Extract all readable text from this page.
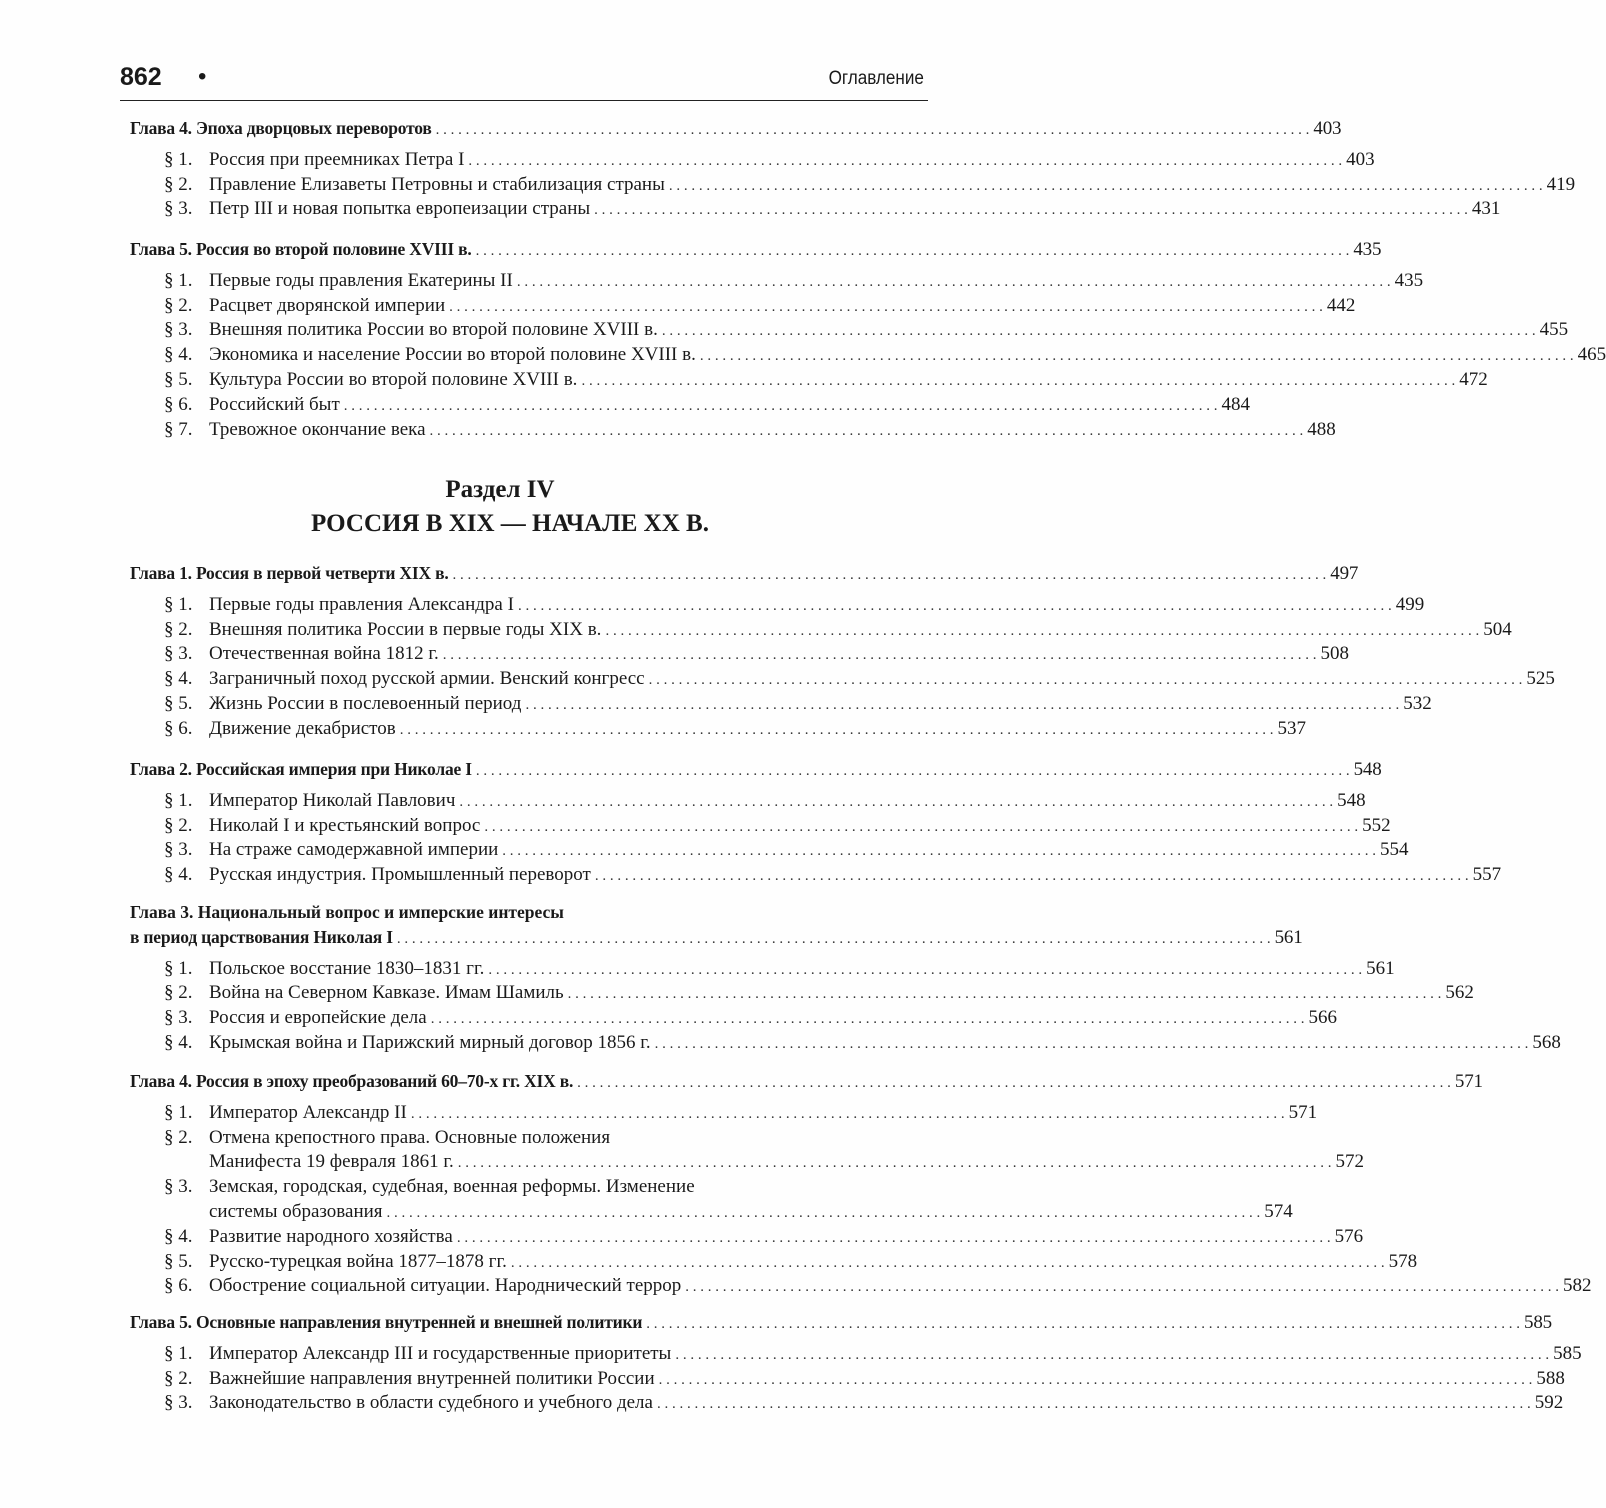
862 •	Оглавление
Глава 4. Эпоха дворцовых переворотов . . .	403
§ 1. Россия при преемниках Петра I . . .	403
§ 2. Правление Елизаветы Петровны и стабилизация страны . . .	419
§ 3. Петр III и новая попытка европеизации страны . . .	431
Глава 5. Россия во второй половине XVIII в. . . .	435
§ 1. Первые годы правления Екатерины II . . .	435
§ 2. Расцвет дворянской империи . . .	442
§ 3. Внешняя политика России во второй половине XVIII в. . . .	455
§ 4. Экономика и население России во второй половине XVIII в. . . .	465
§ 5. Культура России во второй половине XVIII в. . . .	472
§ 6. Российский быт . . .	484
§ 7. Тревожное окончание века . . .	488
Раздел IV
РОССИЯ В XIX — НАЧАЛЕ XX В.
Глава 1. Россия в первой четверти XIX в. . . .	497
§ 1. Первые годы правления Александра I . . .	499
§ 2. Внешняя политика России в первые годы XIX в. . . .	504
§ 3. Отечественная война 1812 г. . . .	508
§ 4. Заграничный поход русской армии. Венский конгресс . . .	525
§ 5. Жизнь России в послевоенный период . . .	532
§ 6. Движение декабристов . . .	537
Глава 2. Российская империя при Николае I . . .	548
§ 1. Император Николай Павлович . . .	548
§ 2. Николай I и крестьянский вопрос . . .	552
§ 3. На страже самодержавной империи . . .	554
§ 4. Русская индустрия. Промышленный переворот . . .	557
Глава 3. Национальный вопрос и имперские интересы
в период царствования Николая I . . .	561
§ 1. Польское восстание 1830–1831 гг. . . .	561
§ 2. Война на Северном Кавказе. Имам Шамиль . . .	562
§ 3. Россия и европейские дела . . .	566
§ 4. Крымская война и Парижский мирный договор 1856 г. . . .	568
Глава 4. Россия в эпоху преобразований 60–70-х гг. XIX в. . . .	571
§ 1. Император Александр II . . .	571
§ 2. Отмена крепостного права. Основные положения
Манифеста 19 февраля 1861 г. . . .	572
§ 3. Земская, городская, судебная, военная реформы. Изменение
системы образования . . .	574
§ 4. Развитие народного хозяйства . . .	576
§ 5. Русско-турецкая война 1877–1878 гг. . . .	578
§ 6. Обострение социальной ситуации. Народнический террор . . .	582
Глава 5. Основные направления внутренней и внешней политики . . .	585
§ 1. Император Александр III и государственные приоритеты . . .	585
§ 2. Важнейшие направления внутренней политики России . . .	588
§ 3. Законодательство в области судебного и учебного дела . . .	592
